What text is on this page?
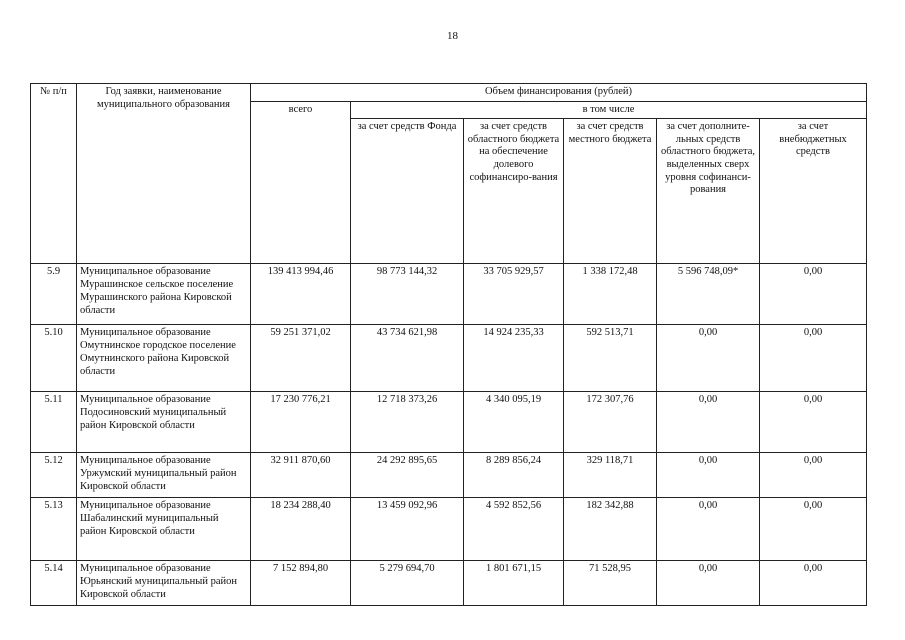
18
№ п/п	Год заявки, наименование муниципального образования	Объем финансирования (рублей)					
		всего	в том числе				
			за счет средств Фонда	за счет средств областного бюджета на обеспечение долевого софинансиро-вания	за счет средств местного бюджета	за счет дополните-льных средств областного бюджета, выделенных сверх уровня софинанси-рования	за счет внебюджетных средств
5.9	Муниципальное образование Мурашинское сельское поселение Мурашинского района Кировской области	139 413 994,46	98 773 144,32	33 705 929,57	1 338 172,48	5 596 748,09*	0,00
5.10	Муниципальное образование Омутнинское городское поселение Омутнинского района Кировской области	59 251 371,02	43 734 621,98	14 924 235,33	592 513,71	0,00	0,00
5.11	Муниципальное образование Подосиновский муниципальный район Кировской области	17 230 776,21	12 718 373,26	4 340 095,19	172 307,76	0,00	0,00
5.12	Муниципальное образование Уржумский муниципальный район Кировской области	32 911 870,60	24 292 895,65	8 289 856,24	329 118,71	0,00	0,00
5.13	Муниципальное образование Шабалинский муниципальный район Кировской области	18 234 288,40	13 459 092,96	4 592 852,56	182 342,88	0,00	0,00
5.14	Муниципальное образование Юрьянский муниципальный район Кировской области	7 152 894,80	5 279 694,70	1 801 671,15	71 528,95	0,00	0,00
